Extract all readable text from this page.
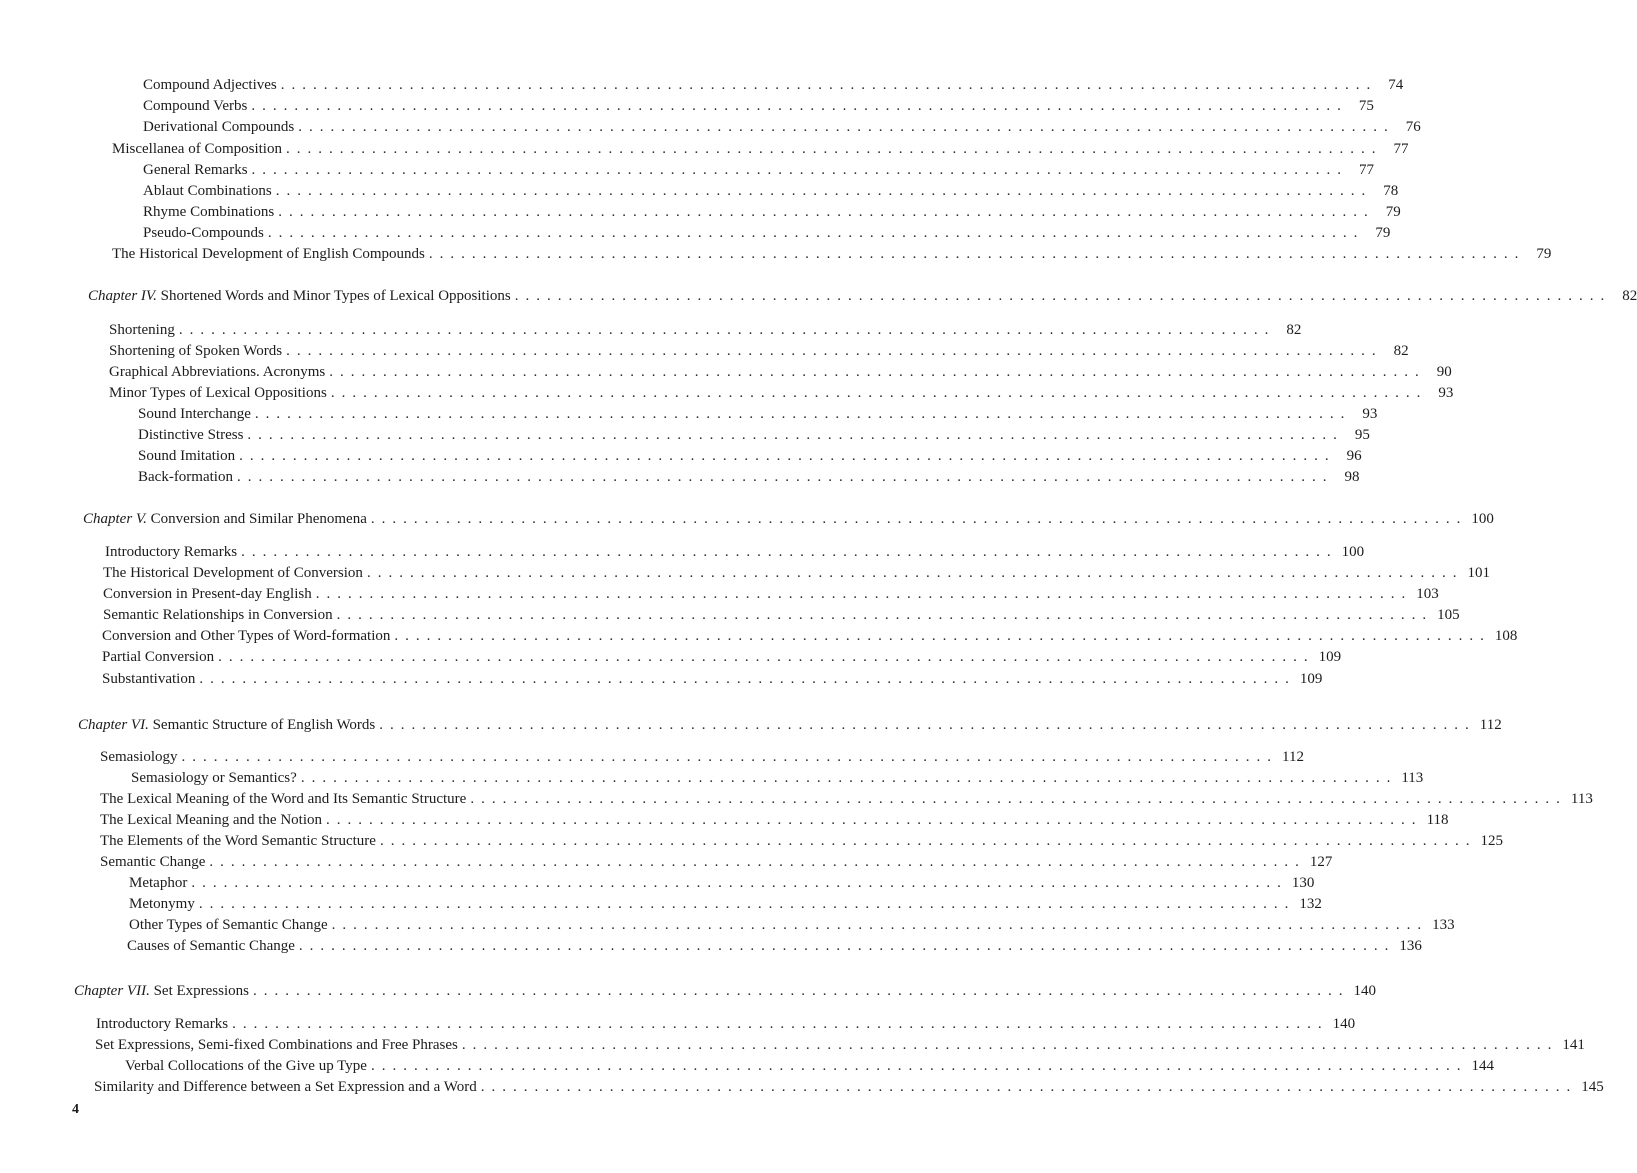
Compound Adjectives ...................................................................................................... 74
Compound Verbs ...................................................................................................... 75
Derivational Compounds ...................................................................................................... 76
Miscellanea of Composition ...................................................................................................... 77
General Remarks ...................................................................................................... 77
Ablaut Combinations ...................................................................................................... 78
Rhyme Combinations ...................................................................................................... 79
Pseudo-Compounds ...................................................................................................... 79
The Historical Development of English Compounds ...................................................................................................... 79
Chapter IV. Shortened Words and Minor Types of Lexical Oppositions ...................................................................................................... 82
Shortening ...................................................................................................... 82
Shortening of Spoken Words ...................................................................................................... 82
Graphical Abbreviations. Acronyms ...................................................................................................... 90
Minor Types of Lexical Oppositions ...................................................................................................... 93
Sound Interchange ...................................................................................................... 93
Distinctive Stress ...................................................................................................... 95
Sound Imitation ...................................................................................................... 96
Back-formation ...................................................................................................... 98
Chapter V. Conversion and Similar Phenomena ...................................................................................................... 100
Introductory Remarks ...................................................................................................... 100
The Historical Development of Conversion ...................................................................................................... 101
Conversion in Present-day English ...................................................................................................... 103
Semantic Relationships in Conversion ...................................................................................................... 105
Conversion and Other Types of Word-formation ...................................................................................................... 108
Partial Conversion ...................................................................................................... 109
Substantivation ...................................................................................................... 109
Chapter VI. Semantic Structure of English Words ...................................................................................................... 112
Semasiology ...................................................................................................... 112
Semasiology or Semantics? ...................................................................................................... 113
The Lexical Meaning of the Word and Its Semantic Structure ...................................................................................................... 113
The Lexical Meaning and the Notion ...................................................................................................... 118
The Elements of the Word Semantic Structure ...................................................................................................... 125
Semantic Change ...................................................................................................... 127
Metaphor ...................................................................................................... 130
Metonymy ...................................................................................................... 132
Other Types of Semantic Change ...................................................................................................... 133
Causes of Semantic Change ...................................................................................................... 136
Chapter VII. Set Expressions ...................................................................................................... 140
Introductory Remarks ...................................................................................................... 140
Set Expressions, Semi-fixed Combinations and Free Phrases ...................................................................................................... 141
Verbal Collocations of the Give up Type ...................................................................................................... 144
Similarity and Difference between a Set Expression and a Word ...................................................................................................... 145
4
